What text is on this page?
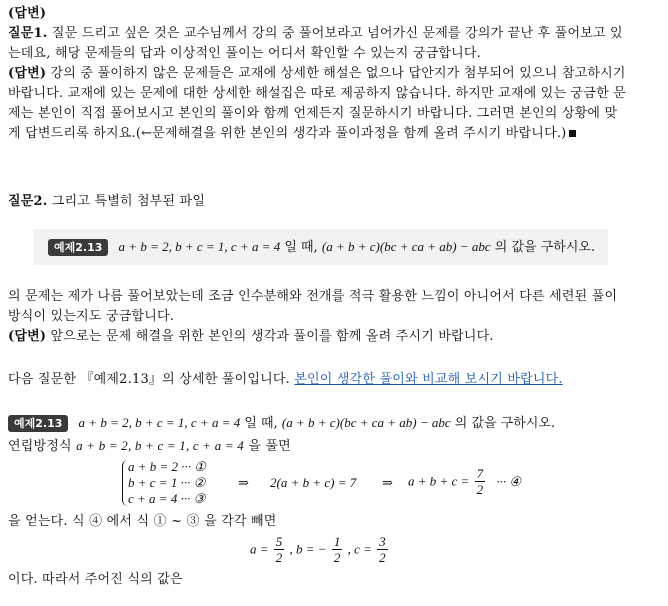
(답변)
질문1. 질문 드리고 싶은 것은 교수님께서 강의 중 풀어보라고 넘어가신 문제를 강의가 끝난 후 풀어보고 있
는데요, 해당 문제들의 답과 이상적인 풀이는 어디서 확인할 수 있는지 궁금합니다.
(답변) 강의 중 풀이하지 않은 문제들은 교재에 상세한 해설은 없으나 답안지가 첨부되어 있으니 참고하시기
바랍니다. 교재에 있는 문제에 대한 상세한 해설집은 따로 제공하지 않습니다. 하지만 교재에 있는 궁금한 문
제는 본인이 직접 풀어보시고 본인의 풀이와 함께 언제든지 질문하시기 바랍니다. 그러면 본인의 상황에 맞
게 답변드리록 하지요.(←문제해결을 위한 본인의 생각과 풀이과정을 함께 올려 주시기 바랍니다.)
질문2. 그리고 특별히 첨부된 파일
예제2.13 a + b = 2, b + c = 1, c + a = 4 일 때, (a + b + c)(bc + ca + ab) − abc 의 값을 구하시오.
의 문제는 제가 나름 풀어보았는데 조금 인수분해와 전개를 적극 활용한 느낌이 아니어서 다른 세련된 풀이
방식이 있는지도 궁금합니다.
(답변) 앞으로는 문제 해결을 위한 본인의 생각과 풀이를 함께 올려 주시기 바랍니다.
다음 질문한 『예제2.13』의 상세한 풀이입니다. 본인이 생각한 풀이와 비교해 보시기 바랍니다.
예제2.13 a + b = 2, b + c = 1, c + a = 4 일 때, (a + b + c)(bc + ca + ab) − abc 의 값을 구하시오.
연립방정식 a + b = 2, b + c = 1, c + a = 4 을 풀면
a + b = 2 ··· ①
b + c = 1 ··· ②
c + a = 4 ··· ③
⇒ 2(a + b + c) = 7 ⇒ $a + b + c = \frac{7}{2}$ ··· ④
을 얻는다. 식 ④ 에서 식 ① ~ ③ 을 각각 빼면
$a = \frac{5}{2}$ , b = − $\frac{1}{2}$ , $c = \frac{3}{2}$
이다. 따라서 주어진 식의 값은
